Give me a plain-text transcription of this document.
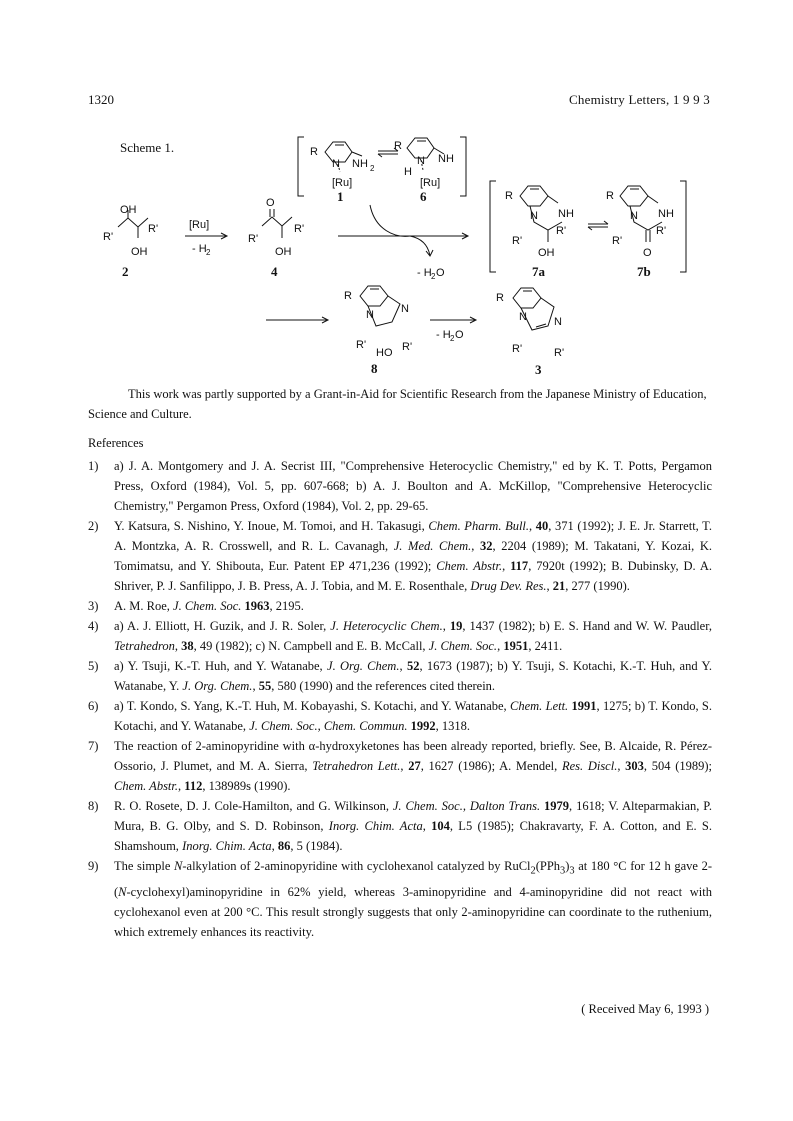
1320	Chemistry Letters, 1 9 9 3
Scheme 1.	R
N NH 2
[Ru]
1
R
N NH
H
[Ru]
6
OH
R'
R'
OH
2
[Ru]
- H 2
O
R'
R'
OH
4	- H 2 O
R
N NH
R'
R'
OH
7a
R
N NH
R'
R'
O
7b
R
N N
R'
HO R'
8
- H 2 O
R
N N
R'	R'
3
This work was partly supported by a Grant-in-Aid for Scientific Research from the Japanese Ministry of Education, Science and Culture.
References
1)	a) J. A. Montgomery and J. A. Secrist III, "Comprehensive Heterocyclic Chemistry," ed by K. T. Potts, Pergamon Press, Oxford (1984), Vol. 5, pp. 607-668; b) A. J. Boulton and A. McKillop, "Comprehensive Heterocyclic Chemistry," Pergamon Press, Oxford (1984), Vol. 2, pp. 29-65.
2)	Y. Katsura, S. Nishino, Y. Inoue, M. Tomoi, and H. Takasugi, Chem. Pharm. Bull., 40, 371 (1992); J. E. Jr. Starrett, T. A. Montzka, A. R. Crosswell, and R. L. Cavanagh, J. Med. Chem., 32, 2204 (1989); M. Takatani, Y. Kozai, K. Tomimatsu, and Y. Shibouta, Eur. Patent EP 471,236 (1992); Chem. Abstr., 117, 7920t (1992); B. Dubinsky, D. A. Shriver, P. J. Sanfilippo, J. B. Press, A. J. Tobia, and M. E. Rosenthale, Drug Dev. Res., 21, 277 (1990).
3)	A. M. Roe, J. Chem. Soc. 1963, 2195.
4)	a) A. J. Elliott, H. Guzik, and J. R. Soler, J. Heterocyclic Chem., 19, 1437 (1982); b) E. S. Hand and W. W. Paudler, Tetrahedron, 38, 49 (1982); c) N. Campbell and E. B. McCall, J. Chem. Soc., 1951, 2411.
5)	a) Y. Tsuji, K.-T. Huh, and Y. Watanabe, J. Org. Chem., 52, 1673 (1987); b) Y. Tsuji, S. Kotachi, K.-T. Huh, and Y. Watanabe, Y. J. Org. Chem., 55, 580 (1990) and the references cited therein.
6)	a) T. Kondo, S. Yang, K.-T. Huh, M. Kobayashi, S. Kotachi, and Y. Watanabe, Chem. Lett. 1991, 1275; b) T. Kondo, S. Kotachi, and Y. Watanabe, J. Chem. Soc., Chem. Commun. 1992, 1318.
7)	The reaction of 2-aminopyridine with α-hydroxyketones has been already reported, briefly. See, B. Alcaide, R. Pérez-Ossorio, J. Plumet, and M. A. Sierra, Tetrahedron Lett., 27, 1627 (1986); A. Mendel, Res. Discl., 303, 504 (1989); Chem. Abstr., 112, 138989s (1990).
8)	R. O. Rosete, D. J. Cole-Hamilton, and G. Wilkinson, J. Chem. Soc., Dalton Trans. 1979, 1618; V. Alteparmakian, P. Mura, B. G. Olby, and S. D. Robinson, Inorg. Chim. Acta, 104, L5 (1985); Chakravarty, F. A. Cotton, and E. S. Shamshoum, Inorg. Chim. Acta, 86, 5 (1984).
9)	The simple N-alkylation of 2-aminopyridine with cyclohexanol catalyzed by $RuCl_2(PPh_3)_3$ at 180 °C for 12 h gave 2-(N-cyclohexyl)aminopyridine in 62% yield, whereas 3-aminopyridine and 4-aminopyridine did not react with cyclohexanol even at 200 °C. This result strongly suggests that only 2-aminopyridine can coordinate to the ruthenium, which extremely enhances its reactivity.
( Received May 6, 1993 )
